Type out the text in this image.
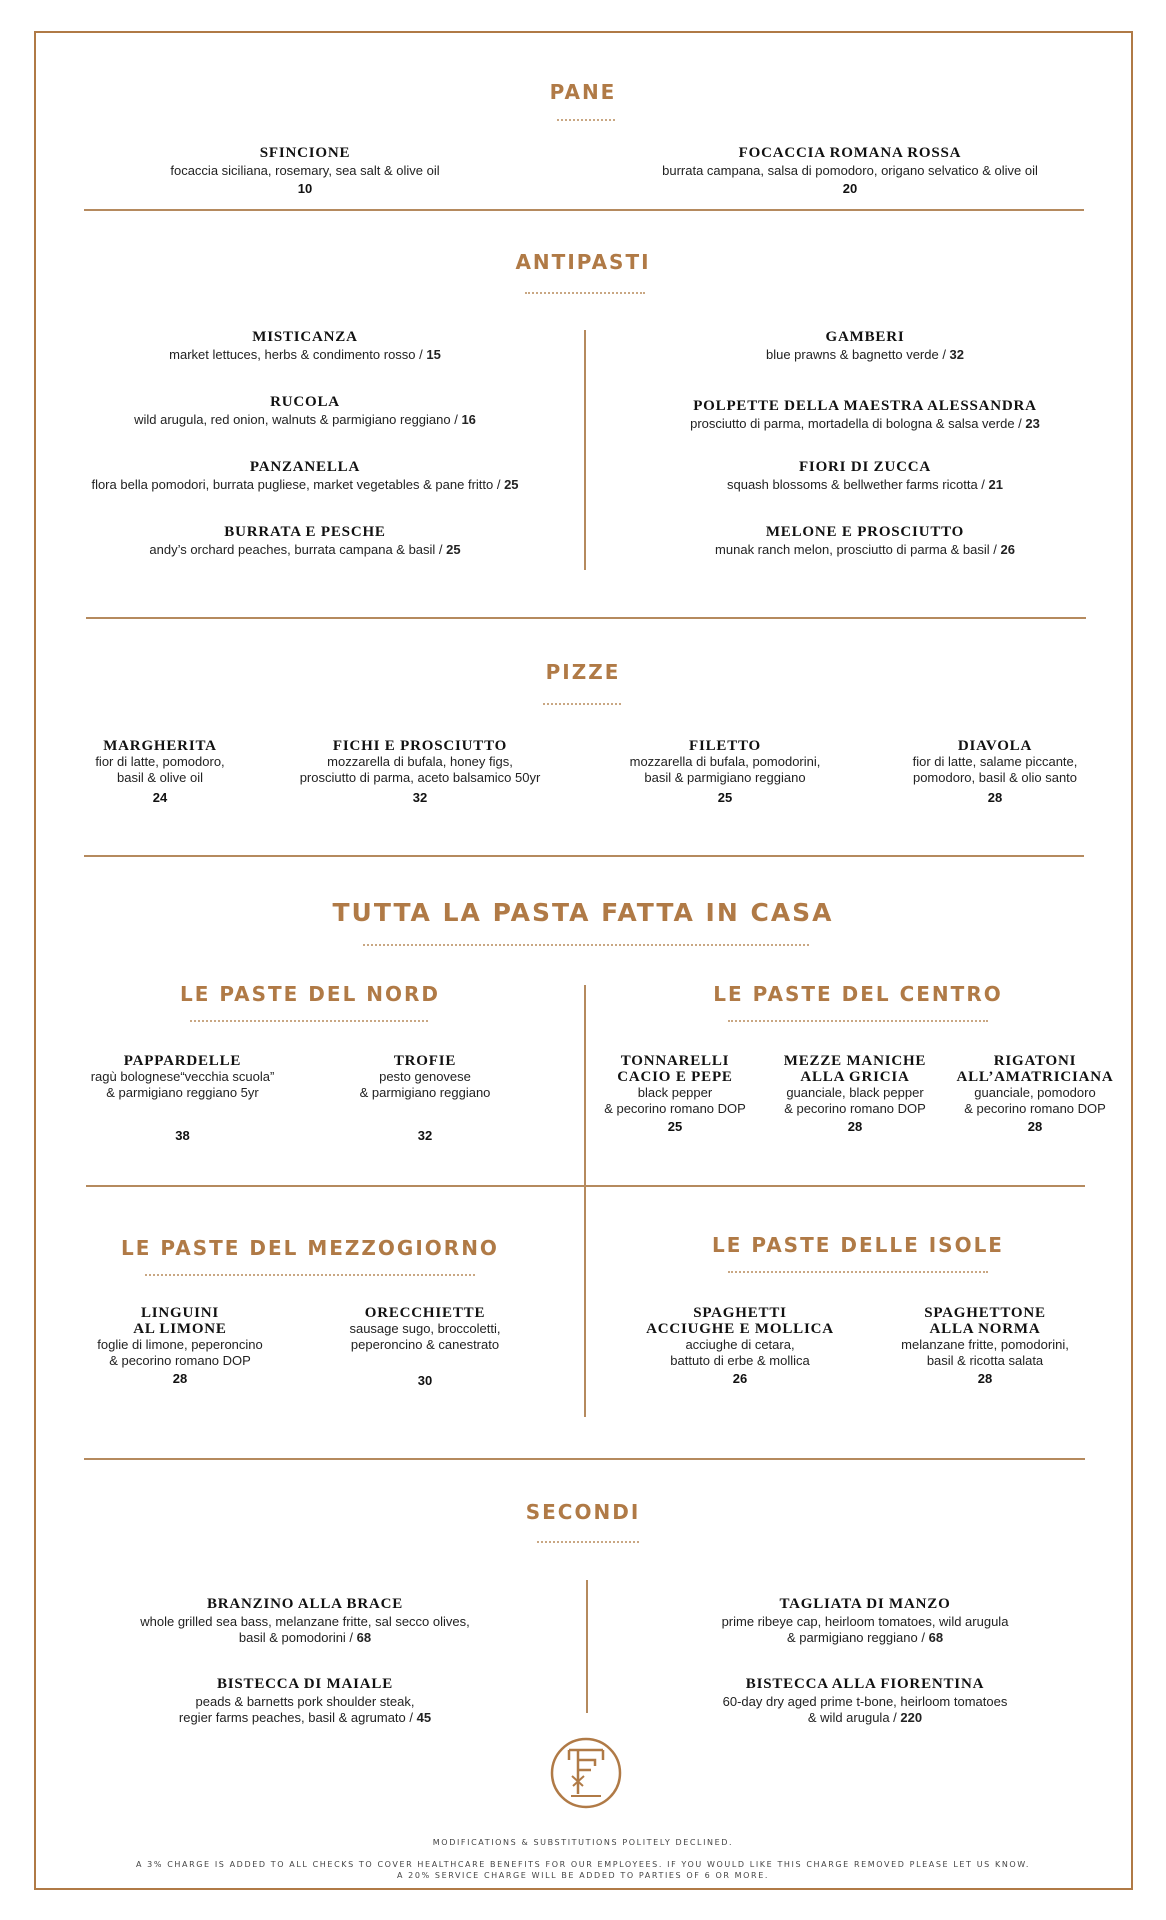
PANE
SFINCIONE
focaccia siciliana, rosemary, sea salt & olive oil
10
FOCACCIA ROMANA ROSSA
burrata campana, salsa di pomodoro, origano selvatico & olive oil
20
ANTIPASTI
MISTICANZA
market lettuces, herbs & condimento rosso / 15
RUCOLA
wild arugula, red onion, walnuts & parmigiano reggiano / 16
PANZANELLA
flora bella pomodori, burrata pugliese, market vegetables & pane fritto / 25
BURRATA E PESCHE
andy’s orchard peaches, burrata campana & basil / 25
GAMBERI
blue prawns & bagnetto verde / 32
POLPETTE DELLA MAESTRA ALESSANDRA
prosciutto di parma, mortadella di bologna & salsa verde / 23
FIORI DI ZUCCA
squash blossoms & bellwether farms ricotta / 21
MELONE E PROSCIUTTO
munak ranch melon, prosciutto di parma & basil / 26
PIZZE
MARGHERITA
fior di latte, pomodoro,
basil & olive oil
24
FICHI E PROSCIUTTO
mozzarella di bufala, honey figs,
prosciutto di parma, aceto balsamico 50yr
32
FILETTO
mozzarella di bufala, pomodorini,
basil & parmigiano reggiano
25
DIAVOLA
fior di latte, salame piccante,
pomodoro, basil & olio santo
28
TUTTA LA PASTA FATTA IN CASA
LE PASTE DEL NORD
PAPPARDELLE
ragù bolognese“vecchia scuola”
& parmigiano reggiano 5yr
38
TROFIE
pesto genovese
& parmigiano reggiano
32
LE PASTE DEL CENTRO
TONNARELLI
CACIO E PEPE
black pepper
& pecorino romano DOP
25
MEZZE MANICHE
ALLA GRICIA
guanciale, black pepper
& pecorino romano DOP
28
RIGATONI
ALL’AMATRICIANA
guanciale, pomodoro
& pecorino romano DOP
28
LE PASTE DEL MEZZOGIORNO
LINGUINI
AL LIMONE
foglie di limone, peperoncino
& pecorino romano DOP
28
ORECCHIETTE
sausage sugo, broccoletti,
peperoncino & canestrato
30
LE PASTE DELLE ISOLE
SPAGHETTI
ACCIUGHE E MOLLICA
acciughe di cetara,
battuto di erbe & mollica
26
SPAGHETTONE
ALLA NORMA
melanzane fritte, pomodorini,
basil & ricotta salata
28
SECONDI
BRANZINO ALLA BRACE
whole grilled sea bass, melanzane fritte, sal secco olives,
basil & pomodorini / 68
BISTECCA DI MAIALE
peads & barnetts pork shoulder steak,
regier farms peaches, basil & agrumato / 45
TAGLIATA DI MANZO
prime ribeye cap, heirloom tomatoes, wild arugula
& parmigiano reggiano / 68
BISTECCA ALLA FIORENTINA
60-day dry aged prime t-bone, heirloom tomatoes
& wild arugula / 220
MODIFICATIONS & SUBSTITUTIONS POLITELY DECLINED.
A 3% CHARGE IS ADDED TO ALL CHECKS TO COVER HEALTHCARE BENEFITS FOR OUR EMPLOYEES. IF YOU WOULD LIKE THIS CHARGE REMOVED PLEASE LET US KNOW.
A 20% SERVICE CHARGE WILL BE ADDED TO PARTIES OF 6 OR MORE.
